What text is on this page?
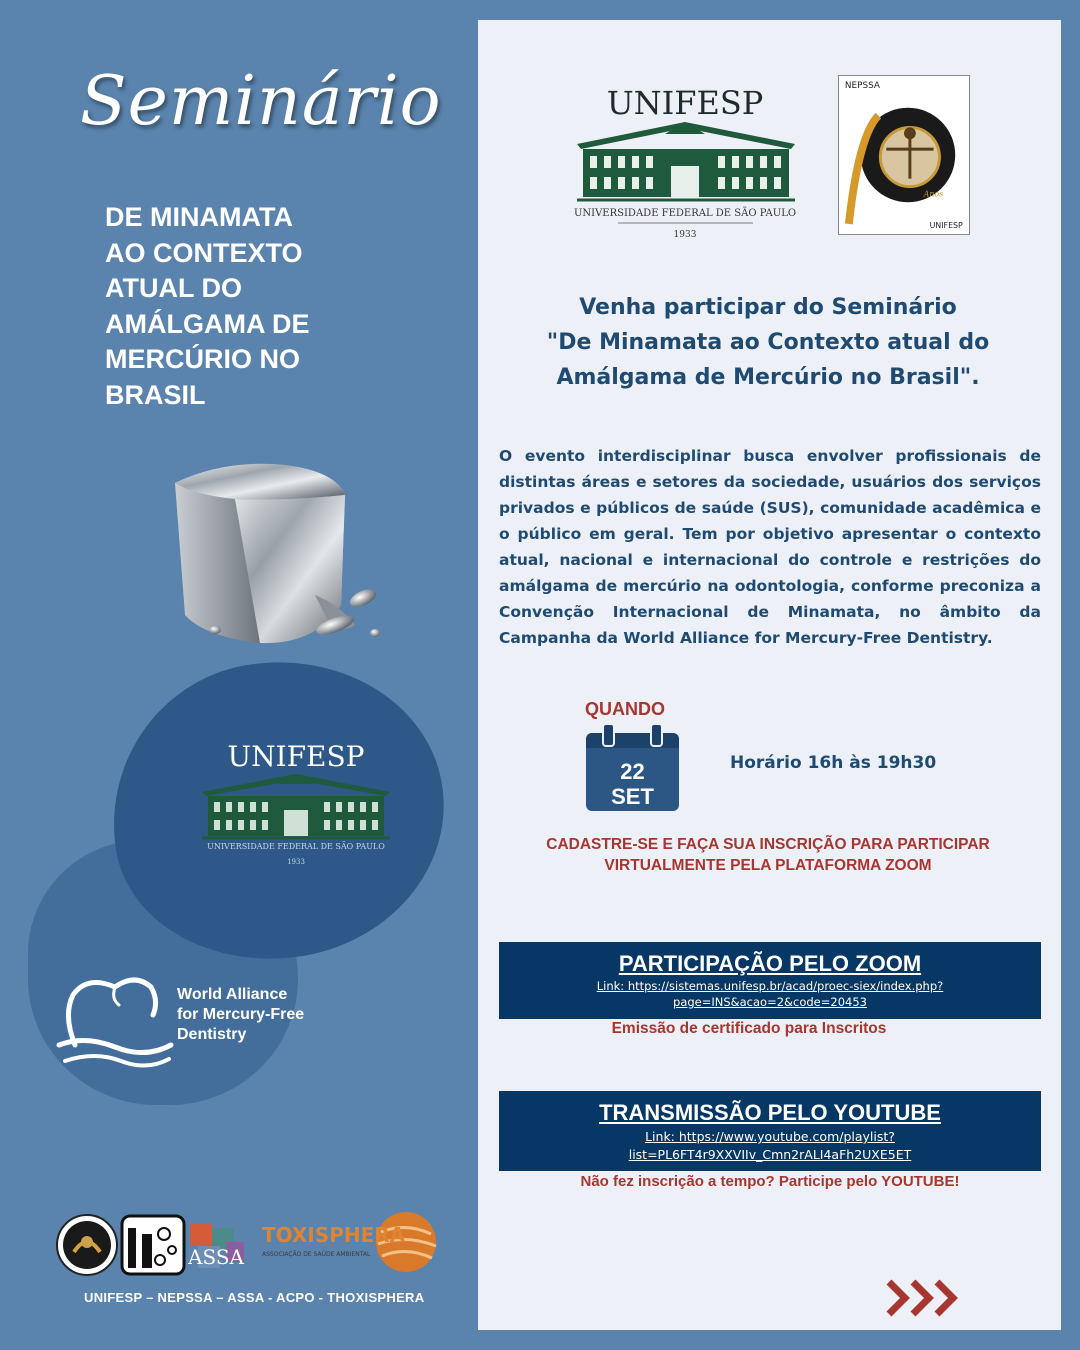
Seminário
DE MINAMATA
AO CONTEXTO
ATUAL DO
AMÁLGAMA DE
MERCÚRIO NO
BRASIL
UNIFESP
UNIVERSIDADE FEDERAL DE SÃO PAULO
1933
World Alliance
for Mercury-Free
Dentistry
ASSA
TOXISPHERA
ASSOCIAÇÃO DE SAÚDE AMBIENTAL
UNIFESP – NEPSSA – ASSA - ACPO - THOXISPHERA
UNIFESP
UNIVERSIDADE FEDERAL DE SÃO PAULO
1933
NEPSSA
Anos
UNIFESP
Venha participar do Seminário
"De Minamata ao Contexto atual do
Amálgama de Mercúrio no Brasil".
O evento interdisciplinar busca envolver profissionais de distintas áreas e setores da sociedade, usuários dos serviços privados e públicos de saúde (SUS), comunidade acadêmica e o público em geral. Tem por objetivo apresentar o contexto atual, nacional e internacional do controle e restrições do amálgama de mercúrio na odontologia, conforme preconiza a Convenção Internacional de Minamata, no âmbito da Campanha da World Alliance for Mercury-Free Dentistry.
QUANDO
22
SET
Horário 16h às 19h30
CADASTRE-SE E FAÇA SUA INSCRIÇÃO PARA PARTICIPAR
VIRTUALMENTE PELA PLATAFORMA ZOOM
PARTICIPAÇÃO PELO ZOOM
Link: https://sistemas.unifesp.br/acad/proec-siex/index.php?
page=INS&acao=2&code=20453
Emissão de certificado para Inscritos
TRANSMISSÃO PELO YOUTUBE
Link: https://www.youtube.com/playlist?
list=PL6FT4r9XXVIIv_Cmn2rALI4aFh2UXE5ET
Não fez inscrição a tempo? Participe pelo YOUTUBE!
